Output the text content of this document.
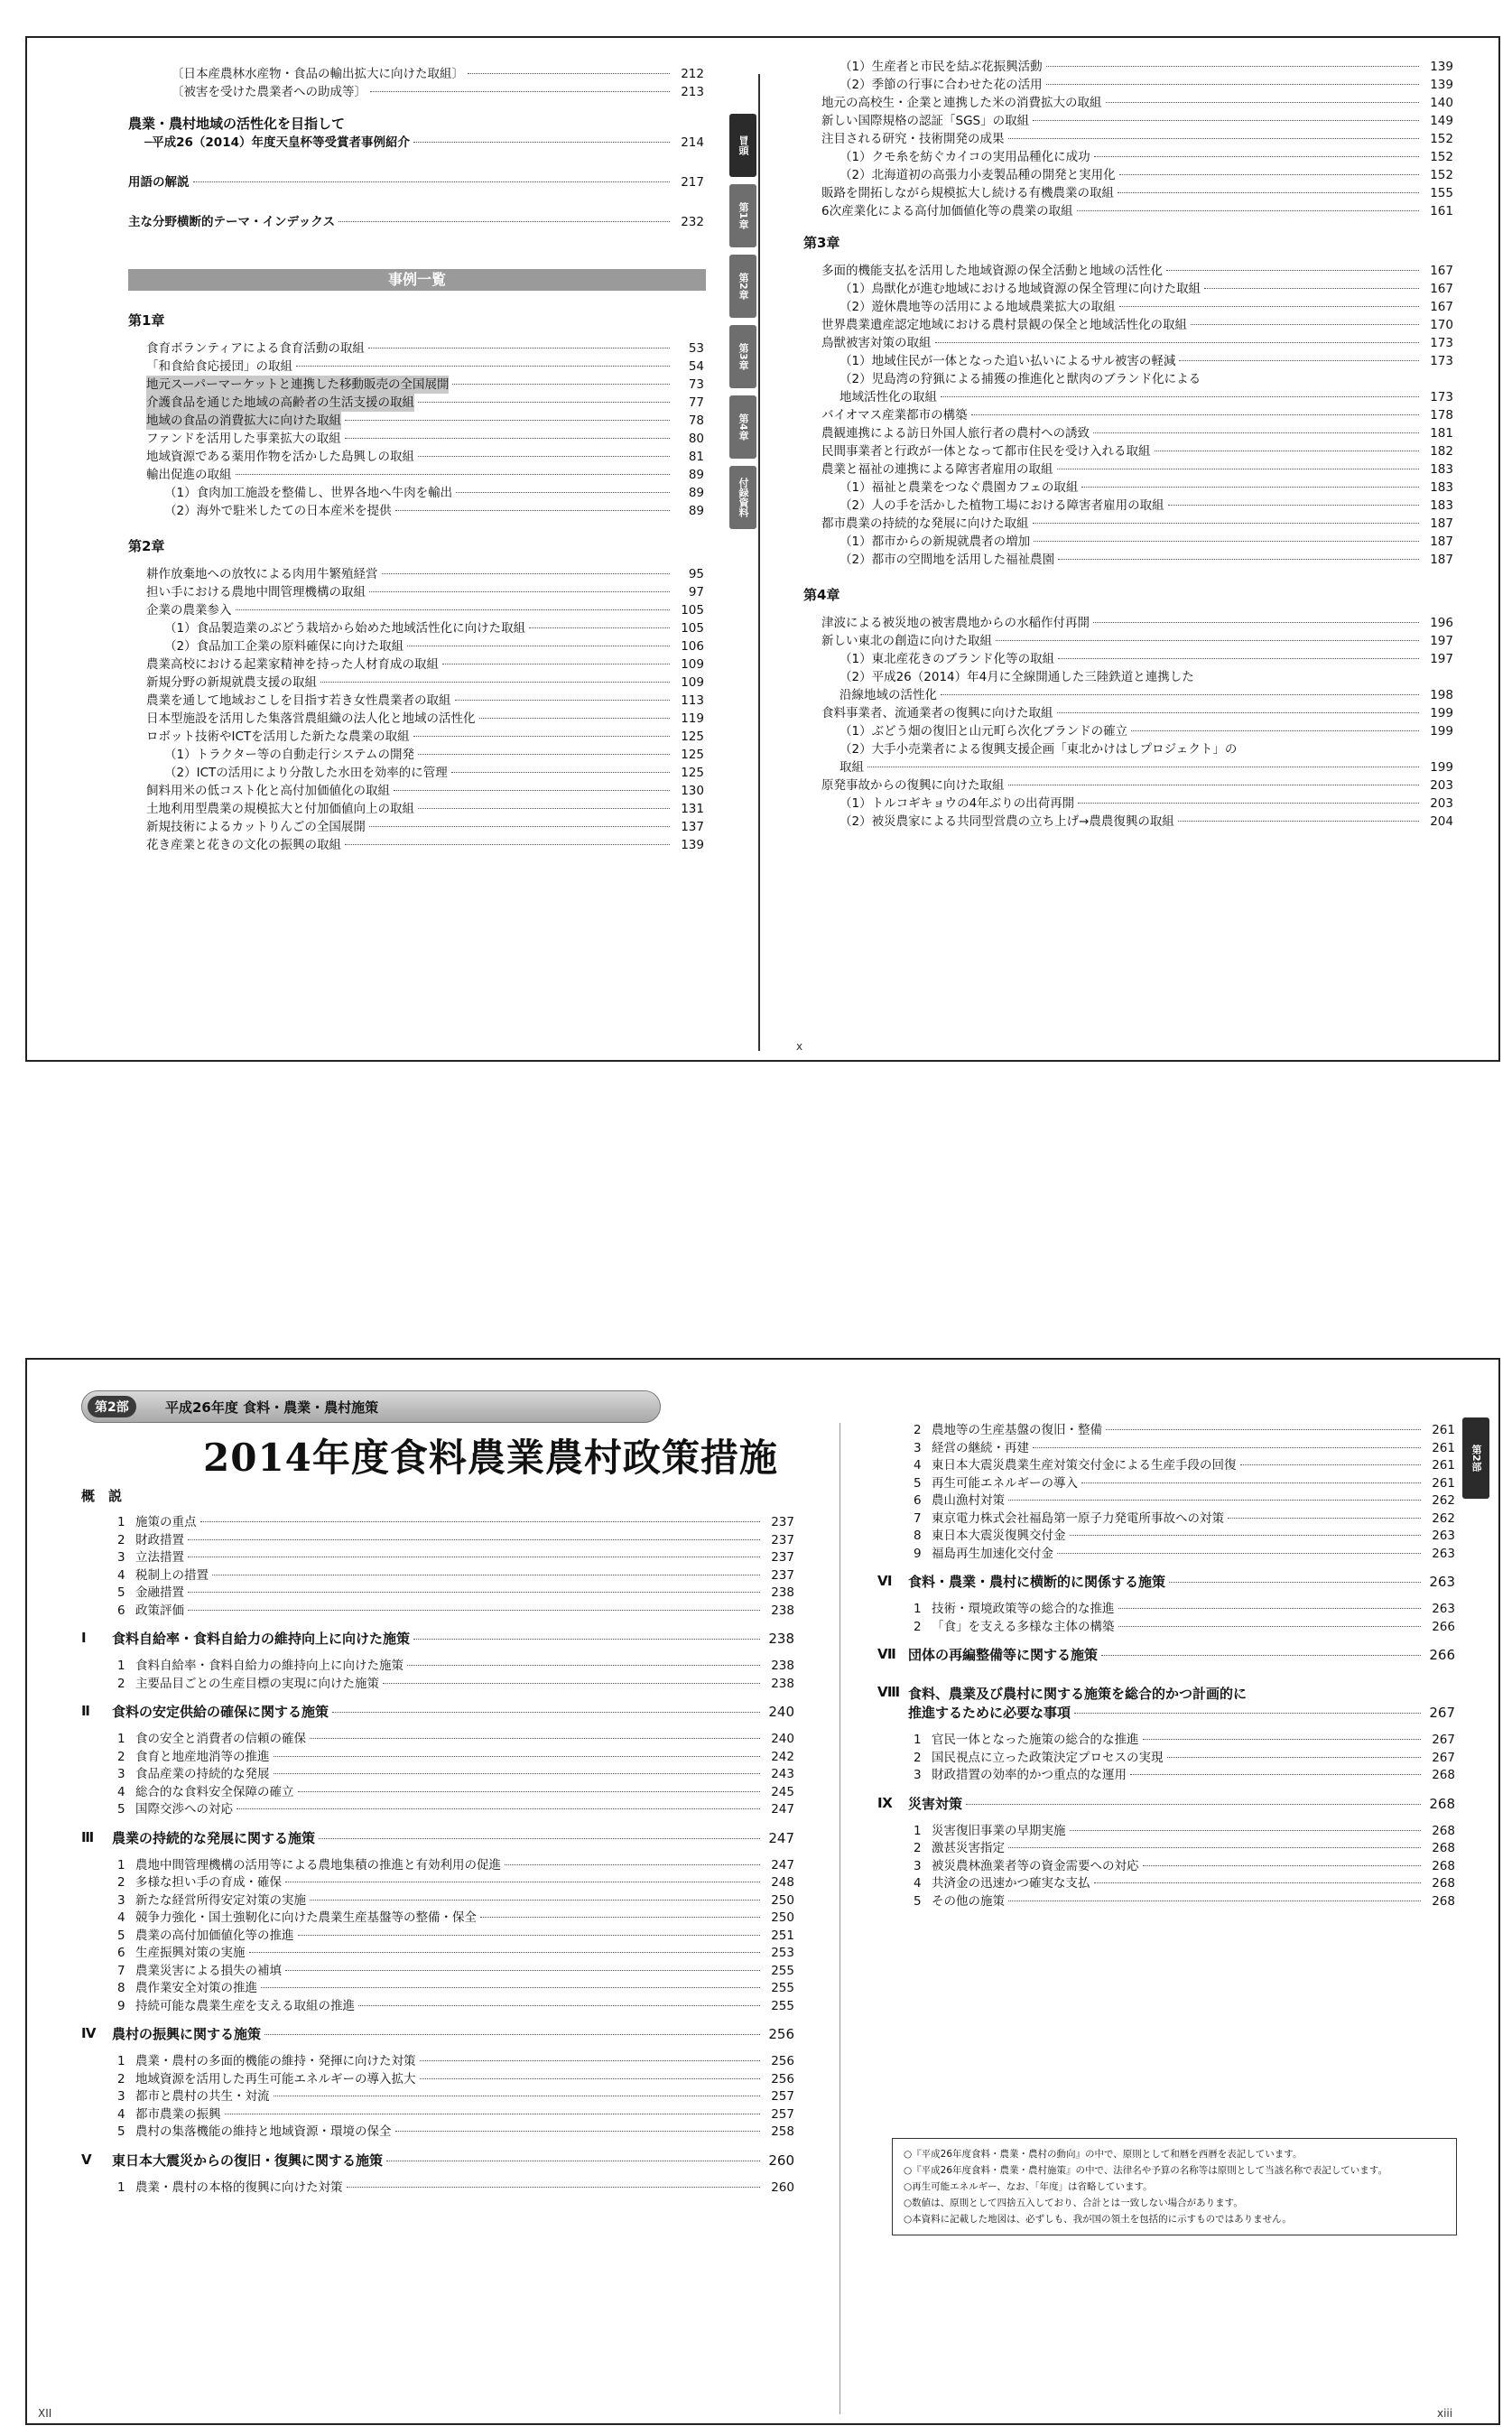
〔日本産農林水産物・食品の輸出拡大に向けた取組〕	212
〔被害を受けた農業者への助成等〕	213
農業・農村地域の活性化を目指して
─平成26（2014）年度天皇杯等受賞者事例紹介	214
用語の解説	217
主な分野横断的テーマ・インデックス	232
事例一覧
第1章
食育ボランティアによる食育活動の取組	53
「和食給食応援団」の取組	54
地元スーパーマーケットと連携した移動販売の全国展開	73
介護食品を通じた地域の高齢者の生活支援の取組	77
地域の食品の消費拡大に向けた取組	78
ファンドを活用した事業拡大の取組	80
地域資源である薬用作物を活かした島興しの取組	81
輸出促進の取組	89
（1）食肉加工施設を整備し、世界各地へ牛肉を輸出	89
（2）海外で駐米したての日本産米を提供	89
第2章
耕作放棄地への放牧による肉用牛繁殖経営	95
担い手における農地中間管理機構の取組	97
企業の農業参入	105
（1）食品製造業のぶどう栽培から始めた地域活性化に向けた取組	105
（2）食品加工企業の原料確保に向けた取組	106
農業高校における起業家精神を持った人材育成の取組	109
新規分野の新規就農支援の取組	109
農業を通して地域おこしを目指す若き女性農業者の取組	113
日本型施設を活用した集落営農組織の法人化と地域の活性化	119
ロボット技術やICTを活用した新たな農業の取組	125
（1）トラクター等の自動走行システムの開発	125
（2）ICTの活用により分散した水田を効率的に管理	125
飼料用米の低コスト化と高付加価値化の取組	130
土地利用型農業の規模拡大と付加価値向上の取組	131
新規技術によるカットりんごの全国展開	137
花き産業と花きの文化の振興の取組	139
冒頭
第1章
第2章
第3章
第4章
付録資料
（1）生産者と市民を結ぶ花振興活動	139
（2）季節の行事に合わせた花の活用	139
地元の高校生・企業と連携した米の消費拡大の取組	140
新しい国際規格の認証「SGS」の取組	149
注目される研究・技術開発の成果	152
（1）クモ糸を紡ぐカイコの実用品種化に成功	152
（2）北海道初の高張力小麦製品種の開発と実用化	152
販路を開拓しながら規模拡大し続ける有機農業の取組	155
6次産業化による高付加価値化等の農業の取組	161
第3章
多面的機能支払を活用した地域資源の保全活動と地域の活性化	167
（1）鳥獣化が進む地域における地域資源の保全管理に向けた取組	167
（2）遊休農地等の活用による地域農業拡大の取組	167
世界農業遺産認定地域における農村景観の保全と地域活性化の取組	170
鳥獣被害対策の取組	173
（1）地域住民が一体となった追い払いによるサル被害の軽減	173
（2）児島湾の狩猟による捕獲の推進化と獣肉のブランド化による
地域活性化の取組	173
バイオマス産業都市の構築	178
農観連携による訪日外国人旅行者の農村への誘致	181
民間事業者と行政が一体となって都市住民を受け入れる取組	182
農業と福祉の連携による障害者雇用の取組	183
（1）福祉と農業をつなぐ農園カフェの取組	183
（2）人の手を活かした植物工場における障害者雇用の取組	183
都市農業の持続的な発展に向けた取組	187
（1）都市からの新規就農者の増加	187
（2）都市の空間地を活用した福祉農園	187
第4章
津波による被災地の被害農地からの水稲作付再開	196
新しい東北の創造に向けた取組	197
（1）東北産花きのブランド化等の取組	197
（2）平成26（2014）年4月に全線開通した三陸鉄道と連携した
沿線地域の活性化	198
食料事業者、流通業者の復興に向けた取組	199
（1）ぶどう畑の復旧と山元町ら次化ブランドの確立	199
（2）大手小売業者による復興支援企画「東北かけはしプロジェクト」の
取組	199
原発事故からの復興に向けた取組	203
（1）トルコギキョウの4年ぶりの出荷再開	203
（2）被災農家による共同型営農の立ち上げ→農農復興の取組	204
x
第2部	平成26年度 食料・農業・農村施策
2014年度食料農業農村政策措施	第2部
概　説
1 施策の重点	237
2 財政措置	237
3 立法措置	237
4 税制上の措置	237
5 金融措置	238
6 政策評価	238
Ⅰ 食料自給率・食料自給力の維持向上に向けた施策	238
1 食料自給率・食料自給力の維持向上に向けた施策	238
2 主要品目ごとの生産目標の実現に向けた施策	238
Ⅱ 食料の安定供給の確保に関する施策	240
1 食の安全と消費者の信頼の確保	240
2 食育と地産地消等の推進	242
3 食品産業の持続的な発展	243
4 総合的な食料安全保障の確立	245
5 国際交渉への対応	247
Ⅲ 農業の持続的な発展に関する施策	247
1 農地中間管理機構の活用等による農地集積の推進と有効利用の促進	247
2 多様な担い手の育成・確保	248
3 新たな経営所得安定対策の実施	250
4 競争力強化・国土強靭化に向けた農業生産基盤等の整備・保全	250
5 農業の高付加価値化等の推進	251
6 生産振興対策の実施	253
7 農業災害による損失の補填	255
8 農作業安全対策の推進	255
9 持続可能な農業生産を支える取組の推進	255
Ⅳ 農村の振興に関する施策	256
1 農業・農村の多面的機能の維持・発揮に向けた対策	256
2 地域資源を活用した再生可能エネルギーの導入拡大	256
3 都市と農村の共生・対流	257
4 都市農業の振興	257
5 農村の集落機能の維持と地域資源・環境の保全	258
Ⅴ 東日本大震災からの復旧・復興に関する施策	260
1 農業・農村の本格的復興に向けた対策	260
2 農地等の生産基盤の復旧・整備	261
3 経営の継続・再建	261
4 東日本大震災農業生産対策交付金による生産手段の回復	261
5 再生可能エネルギーの導入	261
6 農山漁村対策	262
7 東京電力株式会社福島第一原子力発電所事故への対策	262
8 東日本大震災復興交付金	263
9 福島再生加速化交付金	263
Ⅵ 食料・農業・農村に横断的に関係する施策	263
1 技術・環境政策等の総合的な推進	263
2 「食」を支える多様な主体の構築	266
Ⅶ 団体の再編整備等に関する施策	266
Ⅷ 食料、農業及び農村に関する施策を総合的かつ計画的に
推進するために必要な事項	267
1 官民一体となった施策の総合的な推進	267
2 国民視点に立った政策決定プロセスの実現	267
3 財政措置の効率的かつ重点的な運用	268
Ⅸ 災害対策	268
1 災害復旧事業の早期実施	268
2 激甚災害指定	268
3 被災農林漁業者等の資金需要への対応	268
4 共済金の迅速かつ確実な支払	268
5 その他の施策	268
○『平成26年度食料・農業・農村の動向』の中で、原則として和暦を西暦を表記しています。
○『平成26年度食料・農業・農村施策』の中で、法律名や予算の名称等は原則として当該名称で表記しています。
○再生可能エネルギー、なお、「年度」は省略しています。
○数値は、原則として四捨五入しており、合計とは一致しない場合があります。
○本資料に記載した地図は、必ずしも、我が国の領土を包括的に示すものではありません。
XII	xiii
